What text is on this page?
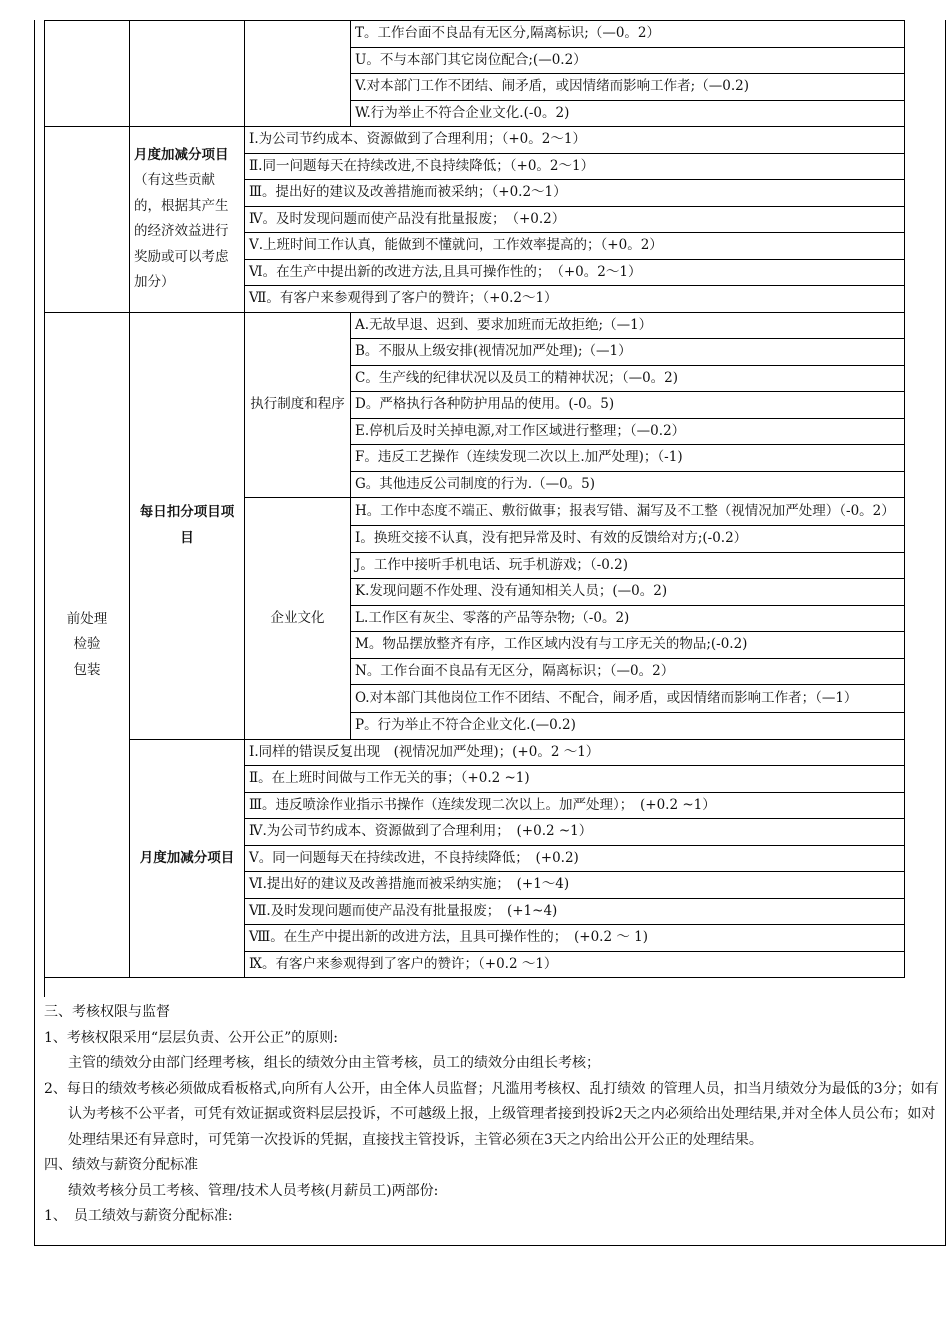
			T。工作台面不良品有无区分,隔离标识;（—0。2）
			U。不与本部门其它岗位配合;(—0.2）
			V.对本部门工作不团结、闹矛盾，或因情绪而影响工作者;（—0.2)
			W.行为举止不符合企业文化.(-0。2)
	月度加减分项目（有这些贡献的，根据其产生的经济效益进行奖励或可以考虑加分）	Ⅰ.为公司节约成本、资源做到了合理利用；（+0。2～1）	
		Ⅱ.同一问题每天在持续改进,不良持续降低；（+0。2～1）	
		Ⅲ。提出好的建议及改善措施而被采纳；（+0.2～1）	
		Ⅳ。及时发现问题而使产品没有批量报废；　（+0.2）	
		Ⅴ.上班时间工作认真，能做到不懂就问，工作效率提高的；（+0。2）	
		Ⅵ。在生产中提出新的改进方法,且具可操作性的；　（+0。2～1）	
		Ⅶ。有客户来参观得到了客户的赞许；（+0.2～1）	

前处理
检验
包装	每日扣分项目项目	执行制度和程序	A.无故早退、迟到、要求加班而无故拒绝;（—1）
			B。不服从上级安排(视情况加严处理);（—1）
			C。生产线的纪律状况以及员工的精神状况；（—0。2)
			D。严格执行各种防护用品的使用。(-0。5)
			E.停机后及时关掉电源,对工作区域进行整理；（—0.2）
			F。违反工艺操作（连续发现二次以上.加严处理)；（-1)
			G。其他违反公司制度的行为.（—0。5)
		企业文化	H。工作中态度不端正、敷衍做事；报表写错、漏写及不工整（视情况加严处理）（-0。2）
			I。换班交接不认真，没有把异常及时、有效的反馈给对方;(-0.2）
			J。工作中接听手机电话、玩手机游戏；（-0.2)
			K.发现问题不作处理、没有通知相关人员；(—0。2)
			L.工作区有灰尘、零落的产品等杂物;（-0。2)
			M。物品摆放整齐有序，工作区域内没有与工序无关的物品;(-0.2)
			N。工作台面不良品有无区分，隔离标识；（—0。2）
			O.对本部门其他岗位工作不团结、不配合，闹矛盾，或因情绪而影响工作者；（—1）
			P。行为举止不符合企业文化.(—0.2)
	月度加减分项目	Ⅰ.同样的错误反复出现　(视情况加严处理)；(+0。2 ～1）	
		Ⅱ。在上班时间做与工作无关的事；（+0.2 ~1)	
		Ⅲ。违反喷涂作业指示书操作（连续发现二次以上。加严处理）；　(+0.2 ~1）	
		Ⅳ.为公司节约成本、资源做到了合理利用；　(+0.2 ~1）	
		Ⅴ。同一问题每天在持续改进，不良持续降低；　(+0.2)	
		Ⅵ.提出好的建议及改善措施而被采纳实施；　(+1～4)	
		Ⅶ.及时发现问题而使产品没有批量报废；　(+1~4)	
		Ⅷ。在生产中提出新的改进方法，且具可操作性的；　(+0.2 ～ 1)	
		Ⅸ。有客户来参观得到了客户的赞许；（+0.2 ～1）	

三、考核权限与监督

1、考核权限采用“层层负责、公开公正”的原则:

主管的绩效分由部门经理考核，组长的绩效分由主管考核，员工的绩效分由组长考核；

2、每日的绩效考核必须做成看板格式,向所有人公开，由全体人员监督；凡滥用考核权、乱打绩效 的管理人员，扣当月绩效分为最低的3分；如有认为考核不公平者，可凭有效证据或资料层层投诉，不可越级上报，上级管理者接到投诉2天之内必须给出处理结果,并对全体人员公布；如对处理结果还有异意时，可凭第一次投诉的凭据，直接找主管投诉，主管必须在3天之内给出公开公正的处理结果。

四、绩效与薪资分配标准

绩效考核分员工考核、管理/技术人员考核(月薪员工)两部份:

1、　员工绩效与薪资分配标准:
